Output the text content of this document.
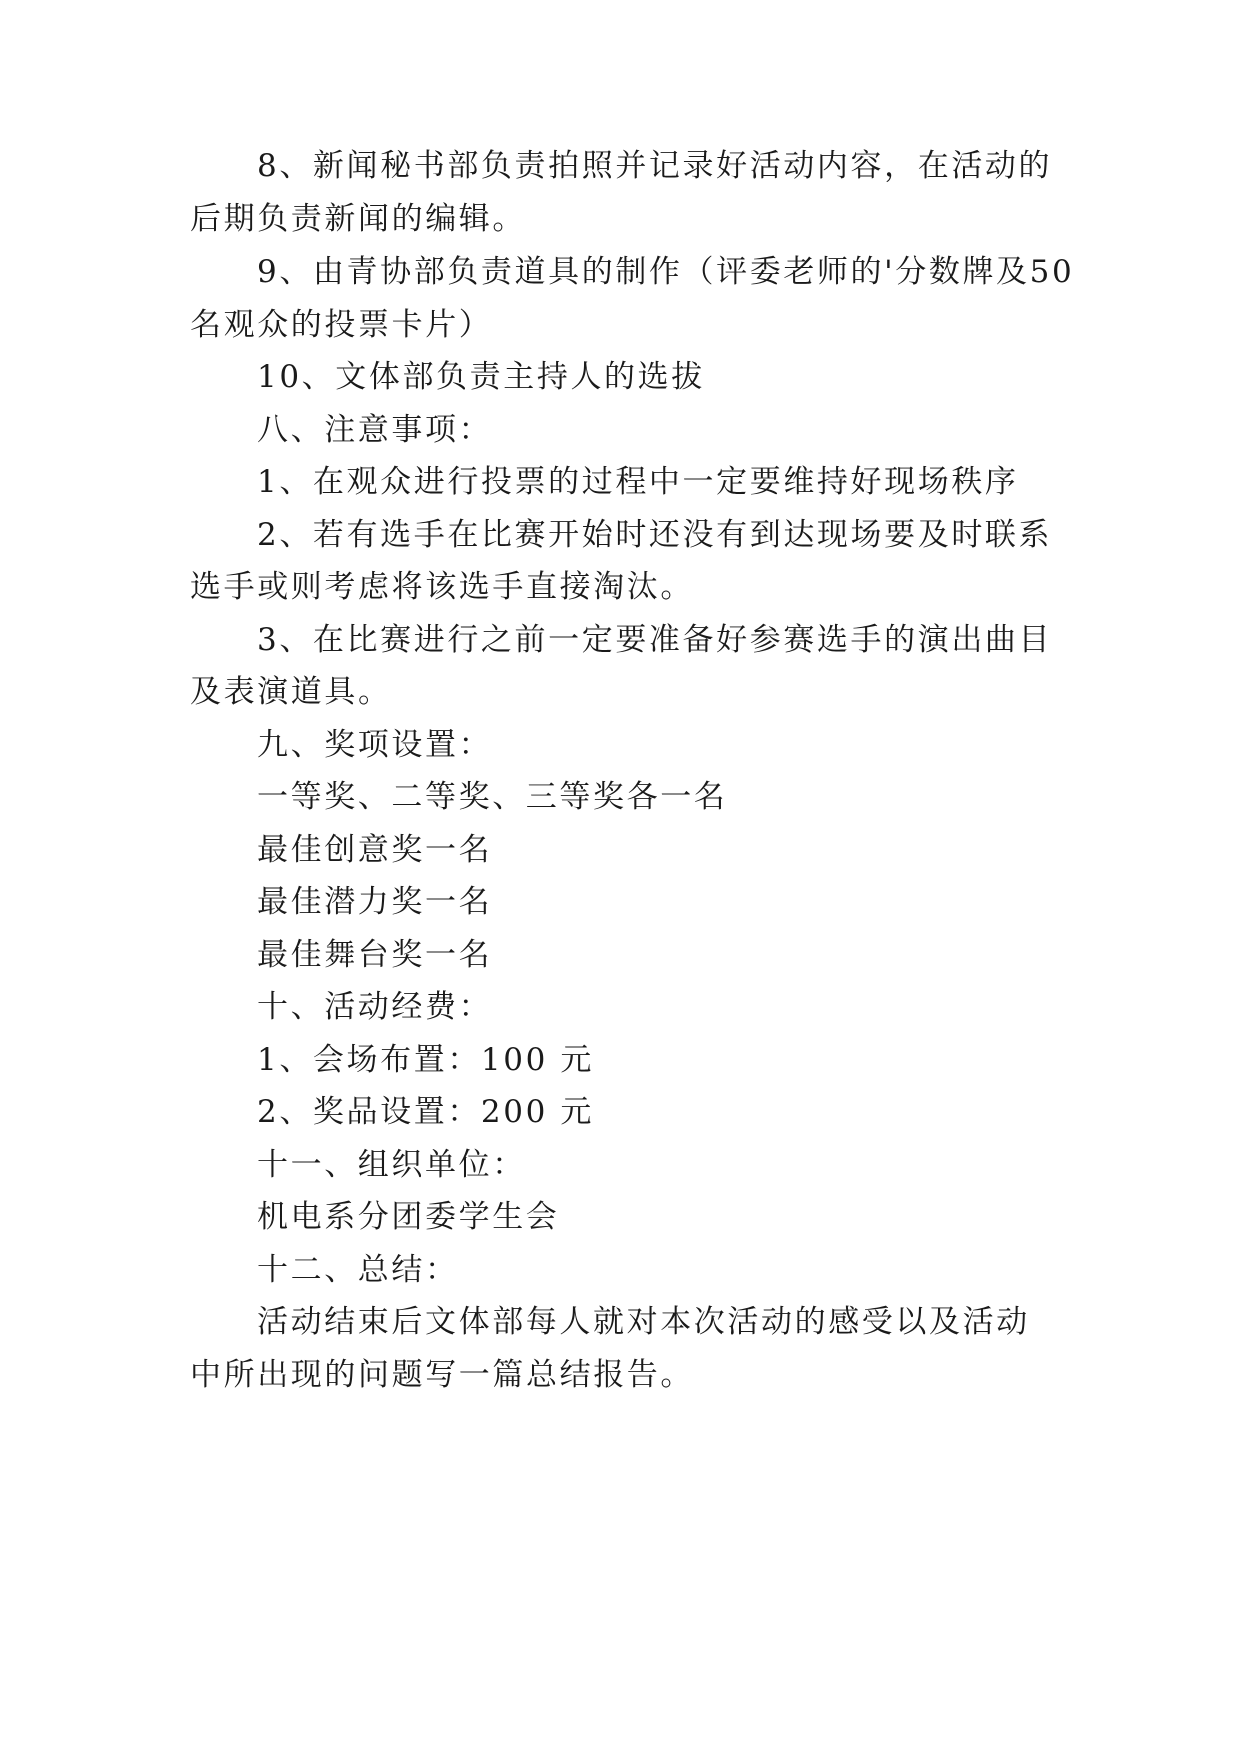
8、新闻秘书部负责拍照并记录好活动内容，在活动的
后期负责新闻的编辑。
9、由青协部负责道具的制作（评委老师的'分数牌及50
名观众的投票卡片）
10、文体部负责主持人的选拔
八、注意事项：
1、在观众进行投票的过程中一定要维持好现场秩序
2、若有选手在比赛开始时还没有到达现场要及时联系
选手或则考虑将该选手直接淘汰。
3、在比赛进行之前一定要准备好参赛选手的演出曲目
及表演道具。
九、奖项设置：
一等奖、二等奖、三等奖各一名
最佳创意奖一名
最佳潜力奖一名
最佳舞台奖一名
十、活动经费：
1、会场布置：100 元
2、奖品设置：200 元
十一、组织单位：
机电系分团委学生会
十二、总结：
活动结束后文体部每人就对本次活动的感受以及活动
中所出现的问题写一篇总结报告。
